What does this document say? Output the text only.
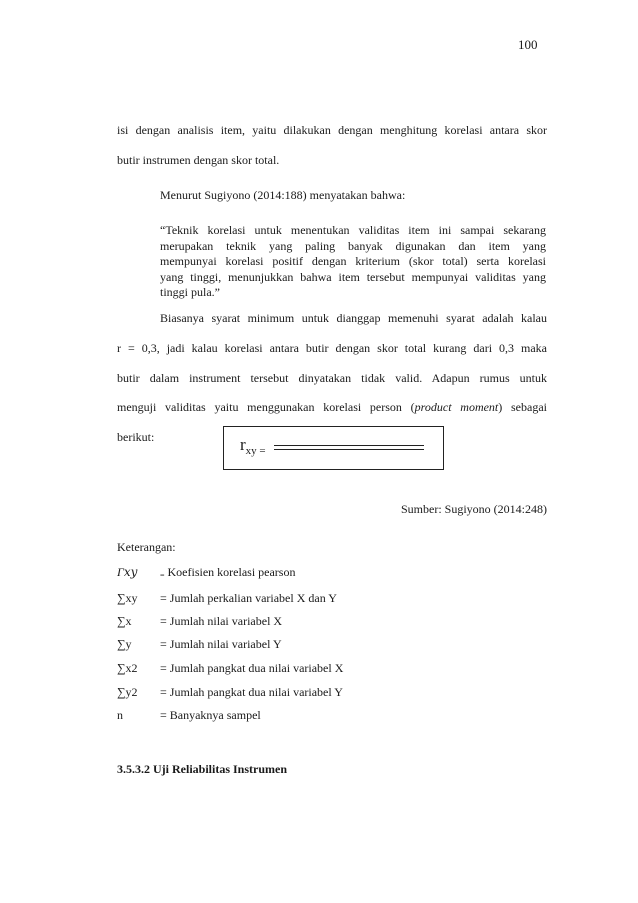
100
isi dengan analisis item, yaitu dilakukan dengan menghitung korelasi antara skor
butir instrumen dengan skor total.
Menurut Sugiyono (2014:188) menyatakan bahwa:
“Teknik korelasi untuk menentukan validitas item ini sampai sekarang
merupakan teknik yang paling banyak digunakan dan item yang
mempunyai korelasi positif dengan kriterium (skor total) serta korelasi
yang tinggi, menunjukkan bahwa item tersebut mempunyai validitas yang
tinggi pula.”
Biasanya syarat minimum untuk dianggap memenuhi syarat adalah kalau
r = 0,3, jadi kalau korelasi antara butir dengan skor total kurang dari 0,3 maka
butir dalam instrument tersebut dinyatakan tidak valid. Adapun rumus untuk
menguji validitas yaitu menggunakan korelasi person (product moment) sebagai
berikut:	$r_{xy =}$
Sumber: Sugiyono (2014:248)
Keterangan:
Γ𝑥𝑦	= Koefisien korelasi pearson
∑xy = Jumlah perkalian variabel X dan Y
∑x = Jumlah nilai variabel X
∑y = Jumlah nilai variabel Y
∑x2 = Jumlah pangkat dua nilai variabel X
∑y2 = Jumlah pangkat dua nilai variabel Y
n	= Banyaknya sampel
3.5.3.2 Uji Reliabilitas Instrumen
